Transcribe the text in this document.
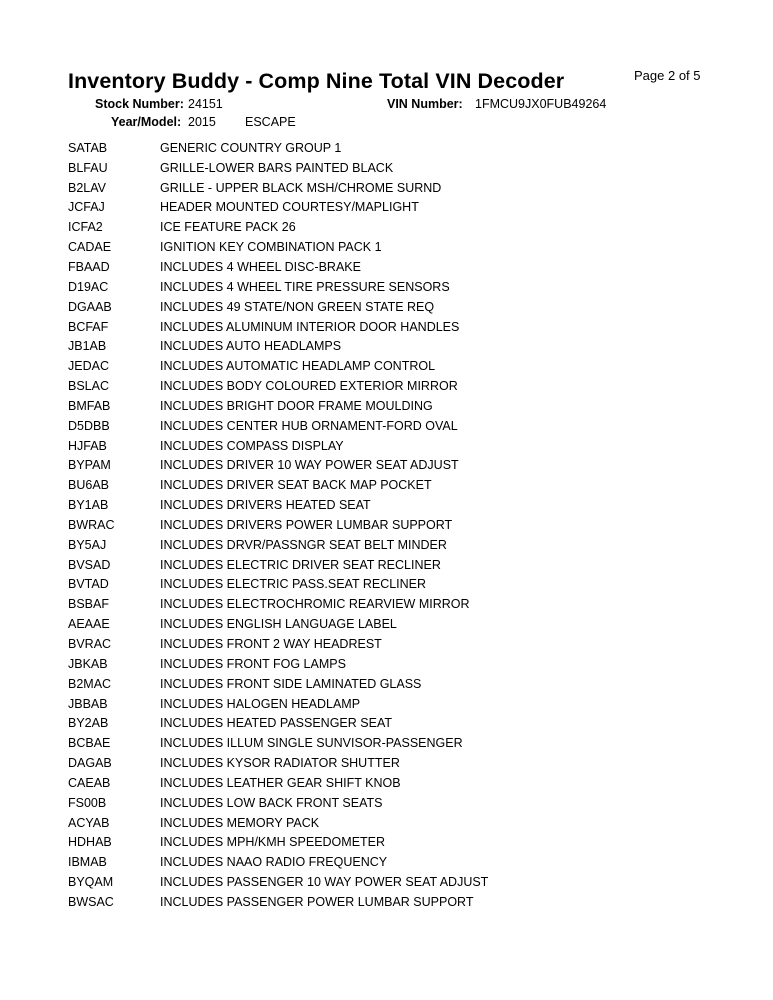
Page 2 of 5
Inventory Buddy - Comp Nine Total VIN Decoder
Stock Number: 24151	VIN Number: 1FMCU9JX0FUB49264
Year/Model: 2015 ESCAPE
SATAB	GENERIC COUNTRY GROUP 1
BLFAU	GRILLE-LOWER BARS PAINTED BLACK
B2LAV	GRILLE - UPPER BLACK MSH/CHROME SURND
JCFAJ	HEADER MOUNTED COURTESY/MAPLIGHT
ICFA2	ICE FEATURE PACK 26
CADAE	IGNITION KEY COMBINATION PACK 1
FBAAD	INCLUDES 4 WHEEL DISC-BRAKE
D19AC	INCLUDES 4 WHEEL TIRE PRESSURE SENSORS
DGAAB	INCLUDES 49 STATE/NON GREEN STATE REQ
BCFAF	INCLUDES ALUMINUM INTERIOR DOOR HANDLES
JB1AB	INCLUDES AUTO HEADLAMPS
JEDAC	INCLUDES AUTOMATIC HEADLAMP CONTROL
BSLAC	INCLUDES BODY COLOURED EXTERIOR MIRROR
BMFAB	INCLUDES BRIGHT DOOR FRAME MOULDING
D5DBB	INCLUDES CENTER HUB ORNAMENT-FORD OVAL
HJFAB	INCLUDES COMPASS DISPLAY
BYPAM	INCLUDES DRIVER 10 WAY POWER SEAT ADJUST
BU6AB	INCLUDES DRIVER SEAT BACK MAP POCKET
BY1AB	INCLUDES DRIVERS HEATED SEAT
BWRAC	INCLUDES DRIVERS POWER LUMBAR SUPPORT
BY5AJ	INCLUDES DRVR/PASSNGR SEAT BELT MINDER
BVSAD	INCLUDES ELECTRIC DRIVER SEAT RECLINER
BVTAD	INCLUDES ELECTRIC PASS.SEAT RECLINER
BSBAF	INCLUDES ELECTROCHROMIC REARVIEW MIRROR
AEAAE	INCLUDES ENGLISH LANGUAGE LABEL
BVRAC	INCLUDES FRONT 2 WAY HEADREST
JBKAB	INCLUDES FRONT FOG LAMPS
B2MAC	INCLUDES FRONT SIDE LAMINATED GLASS
JBBAB	INCLUDES HALOGEN HEADLAMP
BY2AB	INCLUDES HEATED PASSENGER SEAT
BCBAE	INCLUDES ILLUM SINGLE SUNVISOR-PASSENGER
DAGAB	INCLUDES KYSOR RADIATOR SHUTTER
CAEAB	INCLUDES LEATHER GEAR SHIFT KNOB
FS00B	INCLUDES LOW BACK FRONT SEATS
ACYAB	INCLUDES MEMORY PACK
HDHAB	INCLUDES MPH/KMH SPEEDOMETER
IBMAB	INCLUDES NAAO RADIO FREQUENCY
BYQAM	INCLUDES PASSENGER 10 WAY POWER SEAT ADJUST
BWSAC	INCLUDES PASSENGER POWER LUMBAR SUPPORT
